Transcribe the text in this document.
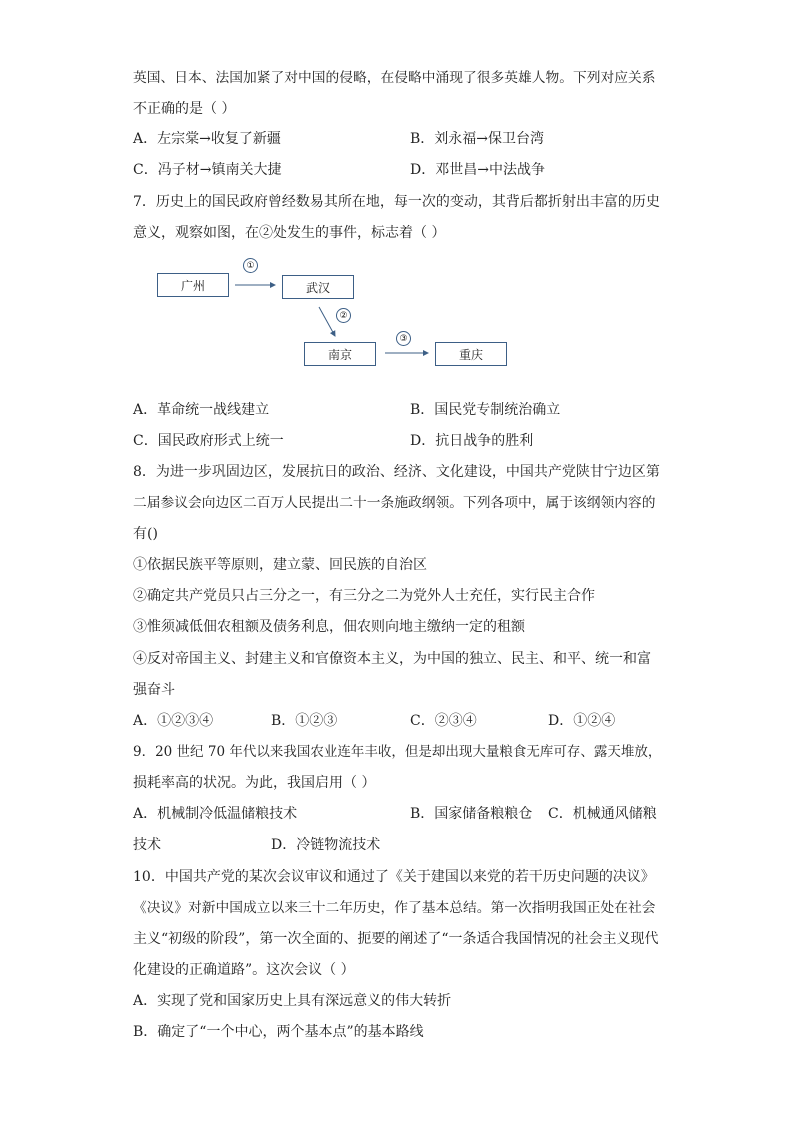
英国、日本、法国加紧了对中国的侵略，在侵略中涌现了很多英雄人物。下列对应关系
不正确的是（ ）
A．左宗棠→收复了新疆	B．刘永福→保卫台湾
C．冯子材→镇南关大捷	D．邓世昌→中法战争
7．历史上的国民政府曾经数易其所在地，每一次的变动，其背后都折射出丰富的历史
意义，观察如图，在②处发生的事件，标志着（ ）
广州	武汉
南京	重庆
①
②
③
A．革命统一战线建立	B．国民党专制统治确立
C．国民政府形式上统一	D．抗日战争的胜利
8．为进一步巩固边区，发展抗日的政治、经济、文化建设，中国共产党陕甘宁边区第
二届参议会向边区二百万人民提出二十一条施政纲领。下列各项中，属于该纲领内容的
有()
①依据民族平等原则，建立蒙、回民族的自治区
②确定共产党员只占三分之一，有三分之二为党外人士充任，实行民主合作
③惟须减低佃农租额及债务利息，佃农则向地主缴纳一定的租额
④反对帝国主义、封建主义和官僚资本主义，为中国的独立、民主、和平、统一和富
强奋斗
A．①②③④	B．①②③	C．②③④	D．①②④
9．20 世纪 70 年代以来我国农业连年丰收，但是却出现大量粮食无库可存、露天堆放，
损耗率高的状况。为此，我国启用（ ）
A．机械制冷低温储粮技术	B．国家储备粮粮仓 C．机械通风储粮
技术	D．冷链物流技术
10．中国共产党的某次会议审议和通过了《关于建国以来党的若干历史问题的决议》
《决议》对新中国成立以来三十二年历史，作了基本总结。第一次指明我国正处在社会
主义“初级的阶段”，第一次全面的、扼要的阐述了“一条适合我国情况的社会主义现代
化建设的正确道路”。这次会议（ ）
A．实现了党和国家历史上具有深远意义的伟大转折
B．确定了“一个中心，两个基本点”的基本路线
